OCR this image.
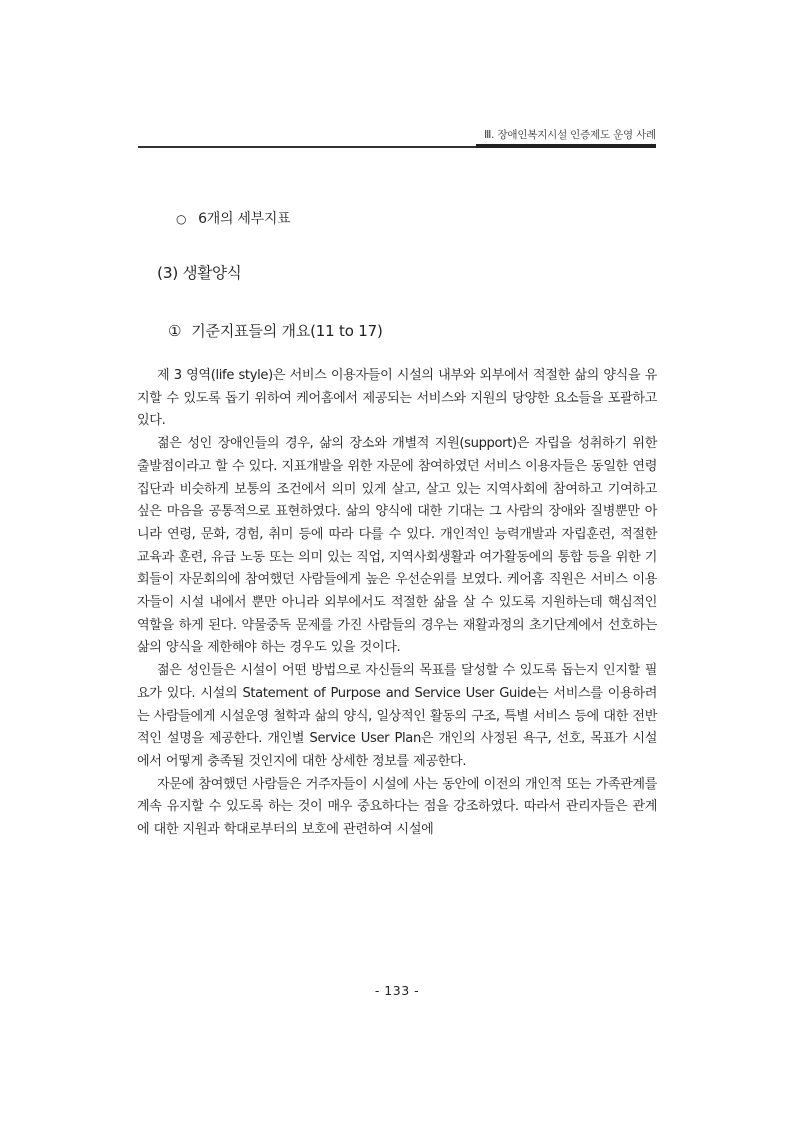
Ⅲ. 장애인복지시설 인증제도 운영 사례
○ 6개의 세부지표
(3) 생활양식
① 기준지표들의 개요(11 to 17)

제 3 영역(life style)은 서비스 이용자들이 시설의 내부와 외부에서 적절한 삶의 양식을 유지할 수 있도록 돕기 위하여 케어홈에서 제공되는 서비스와 지원의 당양한 요소들을 포괄하고 있다.

젊은 성인 장애인들의 경우, 삶의 장소와 개별적 지원(support)은 자립을 성취하기 위한 출발점이라고 할 수 있다. 지표개발을 위한 자문에 참여하였던 서비스 이용자들은 동일한 연령집단과 비슷하게 보통의 조건에서 의미 있게 살고, 살고 있는 지역사회에 참여하고 기여하고 싶은 마음을 공통적으로 표현하였다. 삶의 양식에 대한 기대는 그 사람의 장애와 질병뿐만 아니라 연령, 문화, 경험, 취미 등에 따라 다를 수 있다. 개인적인 능력개발과 자립훈련, 적절한 교육과 훈련, 유급 노동 또는 의미 있는 직업, 지역사회생활과 여가활동에의 통합 등을 위한 기회들이 자문회의에 참여했던 사람들에게 높은 우선순위를 보였다. 케어홈 직원은 서비스 이용자들이 시설 내에서 뿐만 아니라 외부에서도 적절한 삶을 살 수 있도록 지원하는데 핵심적인 역할을 하게 된다. 약물중독 문제를 가진 사람들의 경우는 재활과정의 초기단계에서 선호하는 삶의 양식을 제한해야 하는 경우도 있을 것이다.

젊은 성인들은 시설이 어떤 방법으로 자신들의 목표를 달성할 수 있도록 돕는지 인지할 필요가 있다. 시설의 Statement of Purpose and Service User Guide는 서비스를 이용하려는 사람들에게 시설운영 철학과 삶의 양식, 일상적인 활동의 구조, 특별 서비스 등에 대한 전반적인 설명을 제공한다. 개인별 Service User Plan은 개인의 사정된 욕구, 선호, 목표가 시설에서 어떻게 충족될 것인지에 대한 상세한 정보를 제공한다.

자문에 참여했던 사람들은 거주자들이 시설에 사는 동안에 이전의 개인적 또는 가족관계를 계속 유지할 수 있도록 하는 것이 매우 중요하다는 점을 강조하였다. 따라서 관리자들은 관계에 대한 지원과 학대로부터의 보호에 관련하여 시설에

- 133 -
